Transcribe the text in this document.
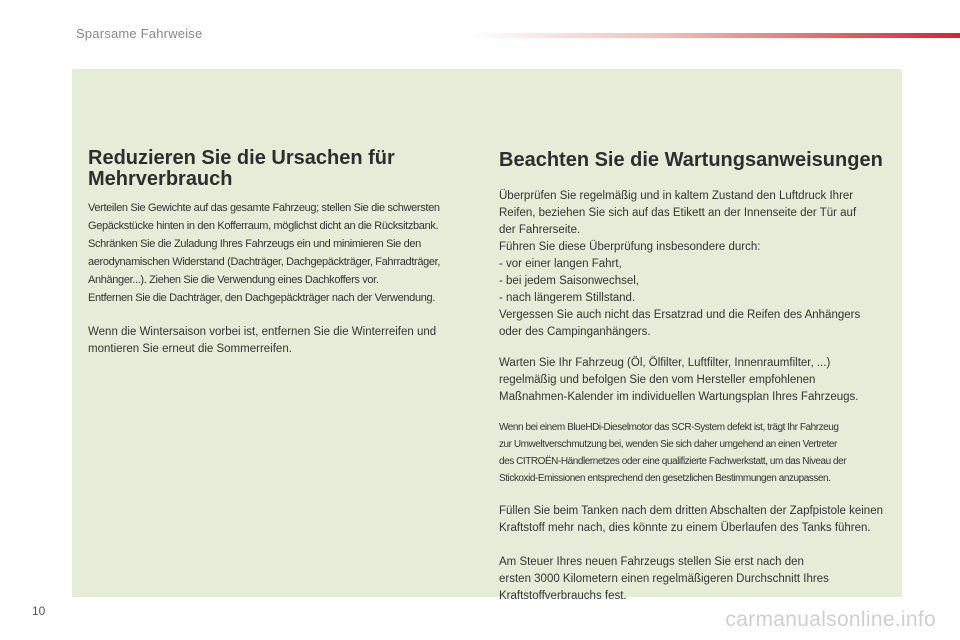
Sparsame Fahrweise
Reduzieren Sie die Ursachen für
Mehrverbrauch

Verteilen Sie Gewichte auf das gesamte Fahrzeug; stellen Sie die schwersten
Gepäckstücke hinten in den Kofferraum, möglichst dicht an die Rücksitzbank.
Schränken Sie die Zuladung Ihres Fahrzeugs ein und minimieren Sie den
aerodynamischen Widerstand (Dachträger, Dachgepäckträger, Fahrradträger,
Anhänger...). Ziehen Sie die Verwendung eines Dachkoffers vor.
Entfernen Sie die Dachträger, den Dachgepäckträger nach der Verwendung.

Wenn die Wintersaison vorbei ist, entfernen Sie die Winterreifen und
montieren Sie erneut die Sommerreifen.

Beachten Sie die Wartungsanweisungen

Überprüfen Sie regelmäßig und in kaltem Zustand den Luftdruck Ihrer
Reifen, beziehen Sie sich auf das Etikett an der Innenseite der Tür auf
der Fahrerseite.
Führen Sie diese Überprüfung insbesondere durch:
- vor einer langen Fahrt,
- bei jedem Saisonwechsel,
- nach längerem Stillstand.
Vergessen Sie auch nicht das Ersatzrad und die Reifen des Anhängers
oder des Campinganhängers.

Warten Sie Ihr Fahrzeug (Öl, Ölfilter, Luftfilter, Innenraumfilter, ...)
regelmäßig und befolgen Sie den vom Hersteller empfohlenen
Maßnahmen-Kalender im individuellen Wartungsplan Ihres Fahrzeugs.

Wenn bei einem BlueHDi-Dieselmotor das SCR-System defekt ist, trägt Ihr Fahrzeug
zur Umweltverschmutzung bei, wenden Sie sich daher umgehend an einen Vertreter
des CITROËN-Händlernetzes oder eine qualifizierte Fachwerkstatt, um das Niveau der
Stickoxid-Emissionen entsprechend den gesetzlichen Bestimmungen anzupassen.

Füllen Sie beim Tanken nach dem dritten Abschalten der Zapfpistole keinen
Kraftstoff mehr nach, dies könnte zu einem Überlaufen des Tanks führen.

Am Steuer Ihres neuen Fahrzeugs stellen Sie erst nach den
ersten 3000 Kilometern einen regelmäßigeren Durchschnitt Ihres
Kraftstoffverbrauchs fest.

10	carmanualsonline.info
